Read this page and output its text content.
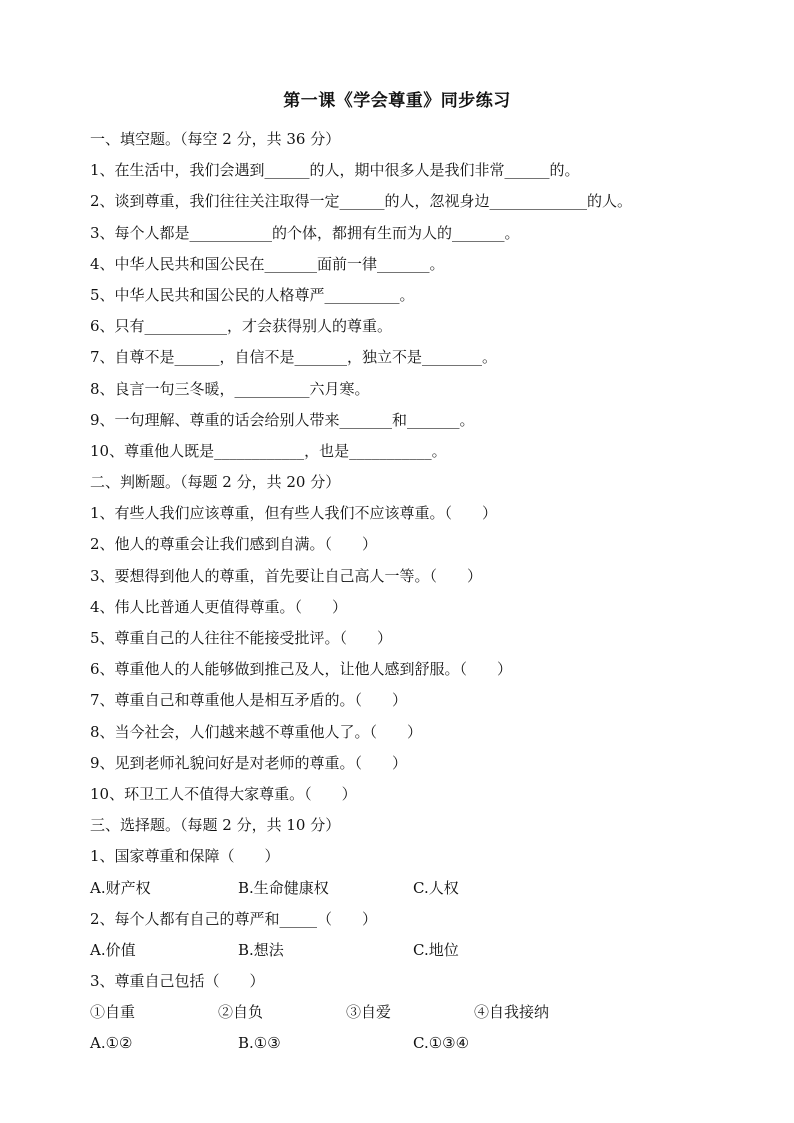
第一课《学会尊重》同步练习
一、填空题。（每空 2 分，共 36 分）
1、在生活中，我们会遇到______的人，期中很多人是我们非常______的。
2、谈到尊重，我们往往关注取得一定______的人，忽视身边_____________的人。
3、每个人都是___________的个体，都拥有生而为人的_______。
4、中华人民共和国公民在_______面前一律_______。
5、中华人民共和国公民的人格尊严__________。
6、只有___________，才会获得别人的尊重。
7、自尊不是______，自信不是_______，独立不是________。
8、良言一句三冬暖，__________六月寒。
9、一句理解、尊重的话会给别人带来_______和_______。
10、尊重他人既是____________，也是___________。
二、判断题。（每题 2 分，共 20 分）
1、有些人我们应该尊重，但有些人我们不应该尊重。（　　）
2、他人的尊重会让我们感到自满。（　　）
3、要想得到他人的尊重，首先要让自己高人一等。（　　）
4、伟人比普通人更值得尊重。（　　）
5、尊重自己的人往往不能接受批评。（　　）
6、尊重他人的人能够做到推己及人，让他人感到舒服。（　　）
7、尊重自己和尊重他人是相互矛盾的。（　　）
8、当今社会，人们越来越不尊重他人了。（　　）
9、见到老师礼貌问好是对老师的尊重。（　　）
10、环卫工人不值得大家尊重。（　　）
三、选择题。（每题 2 分，共 10 分）
1、国家尊重和保障（　　）
A.财产权	B.生命健康权	C.人权
2、每个人都有自己的尊严和_____（　　）
A.价值	B.想法	C.地位
3、尊重自己包括（　　）
①自重	②自负	③自爱	④自我接纳
A.①②	B.①③	C.①③④
